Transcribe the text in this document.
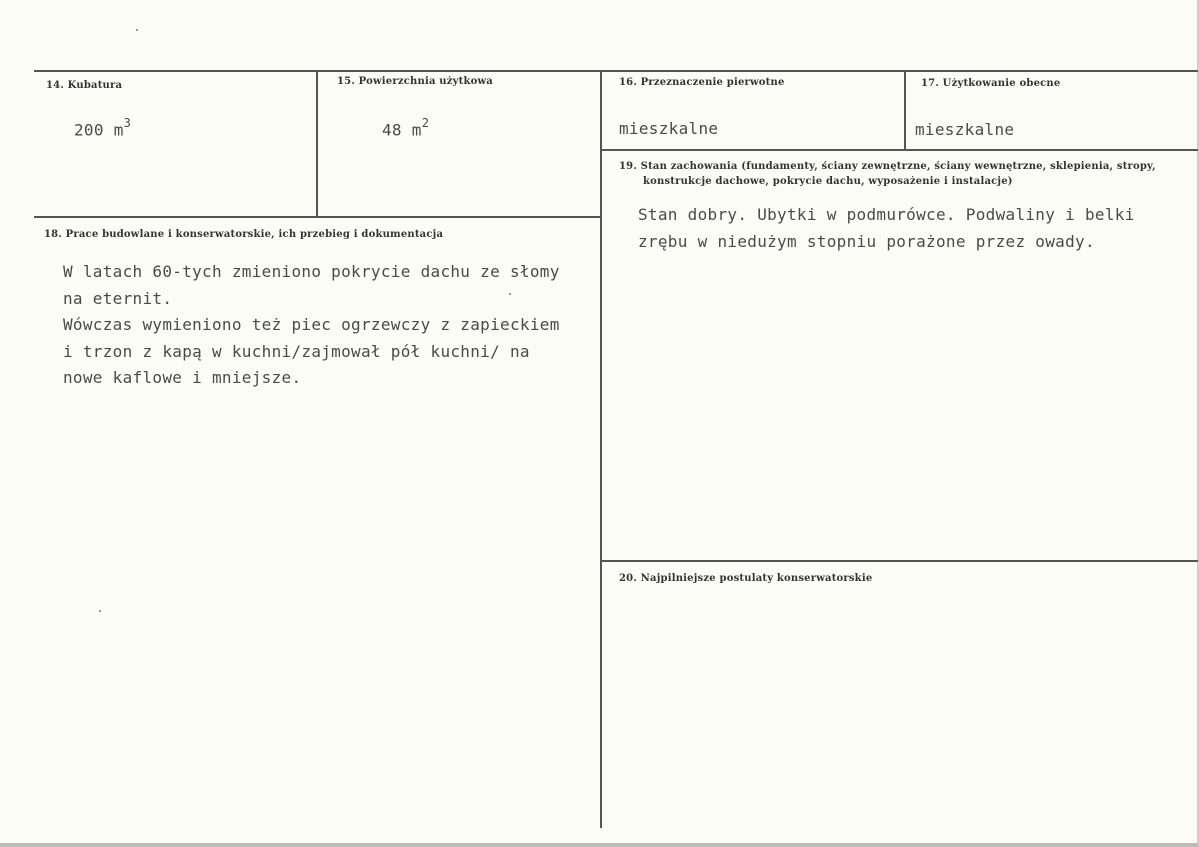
14. Kubatura
200 $m^3$
15. Powierzchnia użytkowa
48 $m^2$
16. Przeznaczenie pierwotne
mieszkalne
17. Użytkowanie obecne
mieszkalne
18. Prace budowlane i konserwatorskie, ich przebieg i dokumentacja
W latach 60-tych zmieniono pokrycie dachu ze słomy
na eternit.
Wówczas wymieniono też piec ogrzewczy z zapieckiem
i trzon z kapą w kuchni/zajmował pół kuchni/ na
nowe kaflowe i mniejsze.
19. Stan zachowania (fundamenty, ściany zewnętrzne, ściany wewnętrzne, sklepienia, stropy,
konstrukcje dachowe, pokrycie dachu, wyposażenie i instalacje)
Stan dobry. Ubytki w podmurówce. Podwaliny i belki
zrębu w niedużym stopniu porażone przez owady.
20. Najpilniejsze postulaty konserwatorskie
